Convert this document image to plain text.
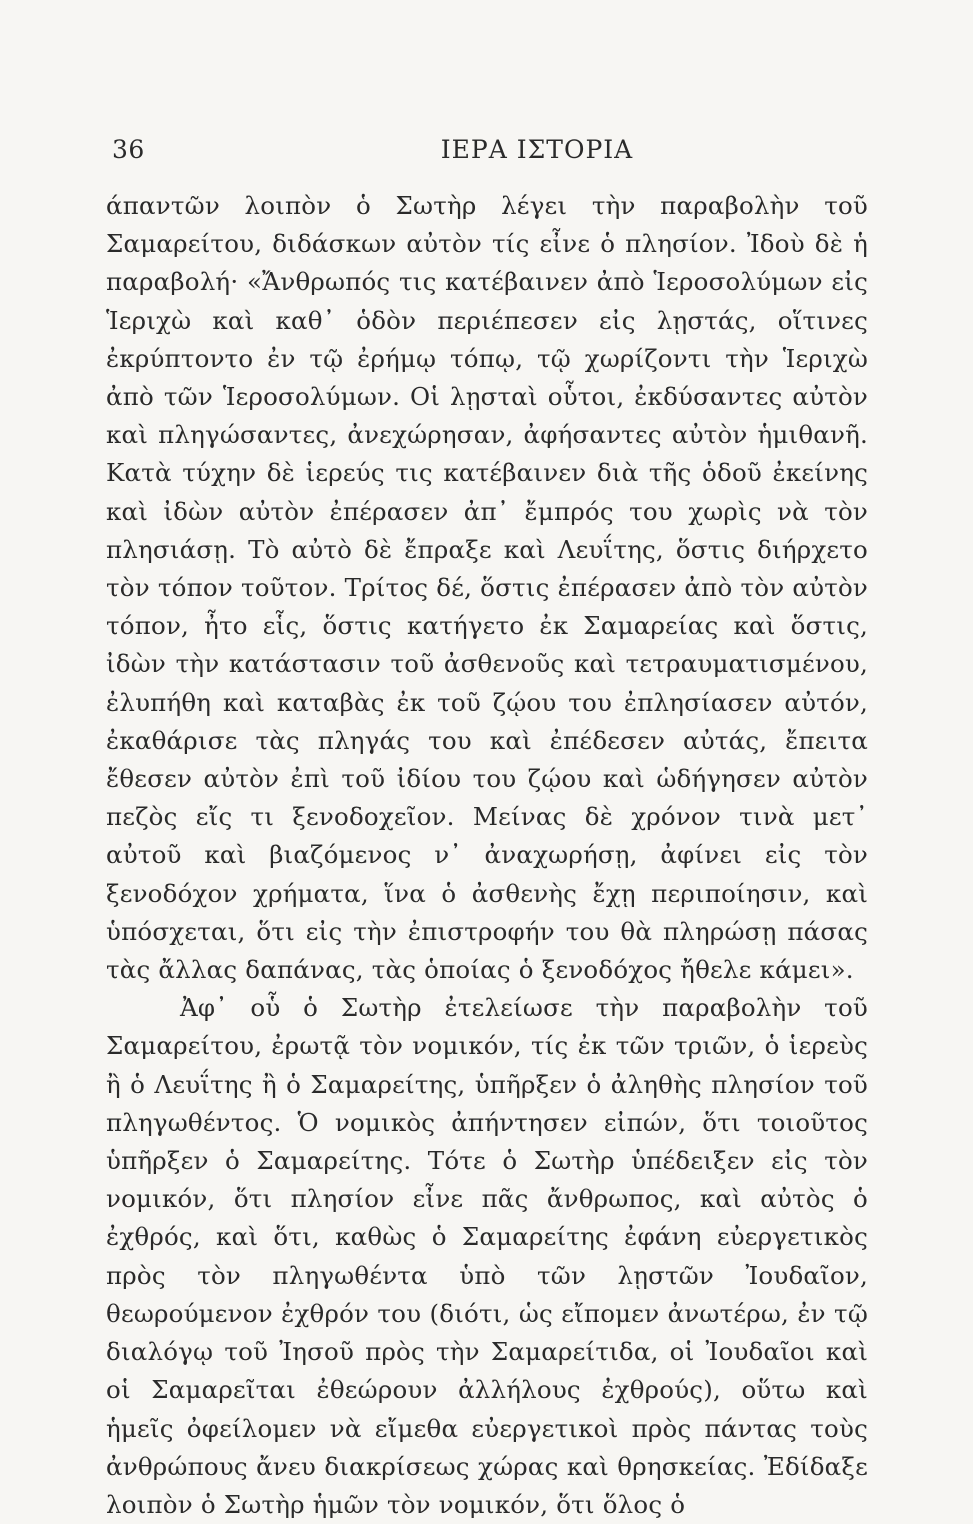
36	ΙΕΡΑ ΙΣΤΟΡΙΑ

άπαντῶν λοιπὸν ὁ Σωτὴρ λέγει τὴν παραβολὴν τοῦ Σαμαρείτου, διδάσκων αὐτὸν τίς εἶνε ὁ πλησίον. Ἰδοὺ δὲ ἡ παραβολή· «Ἄνθρωπός τις κατέβαινεν ἀπὸ Ἱεροσολύμων εἰς Ἱεριχὼ καὶ καθ᾽ ὁδὸν περιέπεσεν εἰς λῃστάς, οἵτινες ἐκρύπτοντο ἐν τῷ ἐρήμῳ τόπῳ, τῷ χωρίζοντι τὴν Ἱεριχὼ ἀπὸ τῶν Ἱεροσολύμων. Οἱ λῃσταὶ οὗτοι, ἐκδύσαντες αὐτὸν καὶ πληγώσαντες, ἀνεχώρησαν, ἀφήσαντες αὐτὸν ἡμιθανῆ. Κατὰ τύχην δὲ ἱερεύς τις κατέβαινεν διὰ τῆς ὁδοῦ ἐκείνης καὶ ἰδὼν αὐτὸν ἐπέρασεν ἀπ᾽ ἔμπρός του χωρὶς νὰ τὸν πλησιάσῃ. Τὸ αὐτὸ δὲ ἔπραξε καὶ Λευΐτης, ὅστις διήρχετο τὸν τόπον τοῦτον. Τρίτος δέ, ὅστις ἐπέρασεν ἀπὸ τὸν αὐτὸν τόπον, ἦτο εἷς, ὅστις κατήγετο ἐκ Σαμαρείας καὶ ὅστις, ἰδὼν τὴν κατάστασιν τοῦ ἀσθενοῦς καὶ τετραυματισμένου, ἐλυπήθη καὶ καταβὰς ἐκ τοῦ ζῴου του ἐπλησίασεν αὐτόν, ἐκαθάρισε τὰς πληγάς του καὶ ἐπέδεσεν αὐτάς, ἔπειτα ἔθεσεν αὐτὸν ἐπὶ τοῦ ἰδίου του ζῴου καὶ ὡδήγησεν αὐτὸν πεζὸς εἴς τι ξενοδοχεῖον. Μείνας δὲ χρόνον τινὰ μετ᾽ αὐτοῦ καὶ βιαζόμενος ν᾽ ἀναχωρήσῃ, ἀφίνει εἰς τὸν ξενοδόχον χρήματα, ἵνα ὁ ἀσθενὴς ἔχῃ περιποίησιν, καὶ ὑπόσχεται, ὅτι εἰς τὴν ἐπιστροφήν του θὰ πληρώσῃ πάσας τὰς ἄλλας δαπάνας, τὰς ὁποίας ὁ ξενοδόχος ἤθελε κάμει».

Ἀφ᾽ οὗ ὁ Σωτὴρ ἐτελείωσε τὴν παραβολὴν τοῦ Σαμαρείτου, ἐρωτᾷ τὸν νομικόν, τίς ἐκ τῶν τριῶν, ὁ ἱερεὺς ἢ ὁ Λευΐτης ἢ ὁ Σαμαρείτης, ὑπῆρξεν ὁ ἀληθὴς πλησίον τοῦ πληγωθέντος. Ὁ νομικὸς ἀπήντησεν εἰπών, ὅτι τοιοῦτος ὑπῆρξεν ὁ Σαμαρείτης. Τότε ὁ Σωτὴρ ὑπέδειξεν εἰς τὸν νομικόν, ὅτι πλησίον εἶνε πᾶς ἄνθρωπος, καὶ αὐτὸς ὁ ἐχθρός, καὶ ὅτι, καθὼς ὁ Σαμαρείτης ἐφάνη εὐεργετικὸς πρὸς τὸν πληγωθέντα ὑπὸ τῶν λῃστῶν Ἰουδαῖον, θεωρούμενον ἐχθρόν του (διότι, ὡς εἴπομεν ἀνωτέρω, ἐν τῷ διαλόγῳ τοῦ Ἰησοῦ πρὸς τὴν Σαμαρείτιδα, οἱ Ἰουδαῖοι καὶ οἱ Σαμαρεῖται ἐθεώρουν ἀλλήλους ἐχθρούς), οὕτω καὶ ἡμεῖς ὀφείλομεν νὰ εἴμεθα εὐεργετικοὶ πρὸς πάντας τοὺς ἀνθρώπους ἄνευ διακρίσεως χώρας καὶ θρησκείας. Ἐδίδαξε λοιπὸν ὁ Σωτὴρ ἡμῶν τὸν νομικόν, ὅτι ὅλος ὁ
